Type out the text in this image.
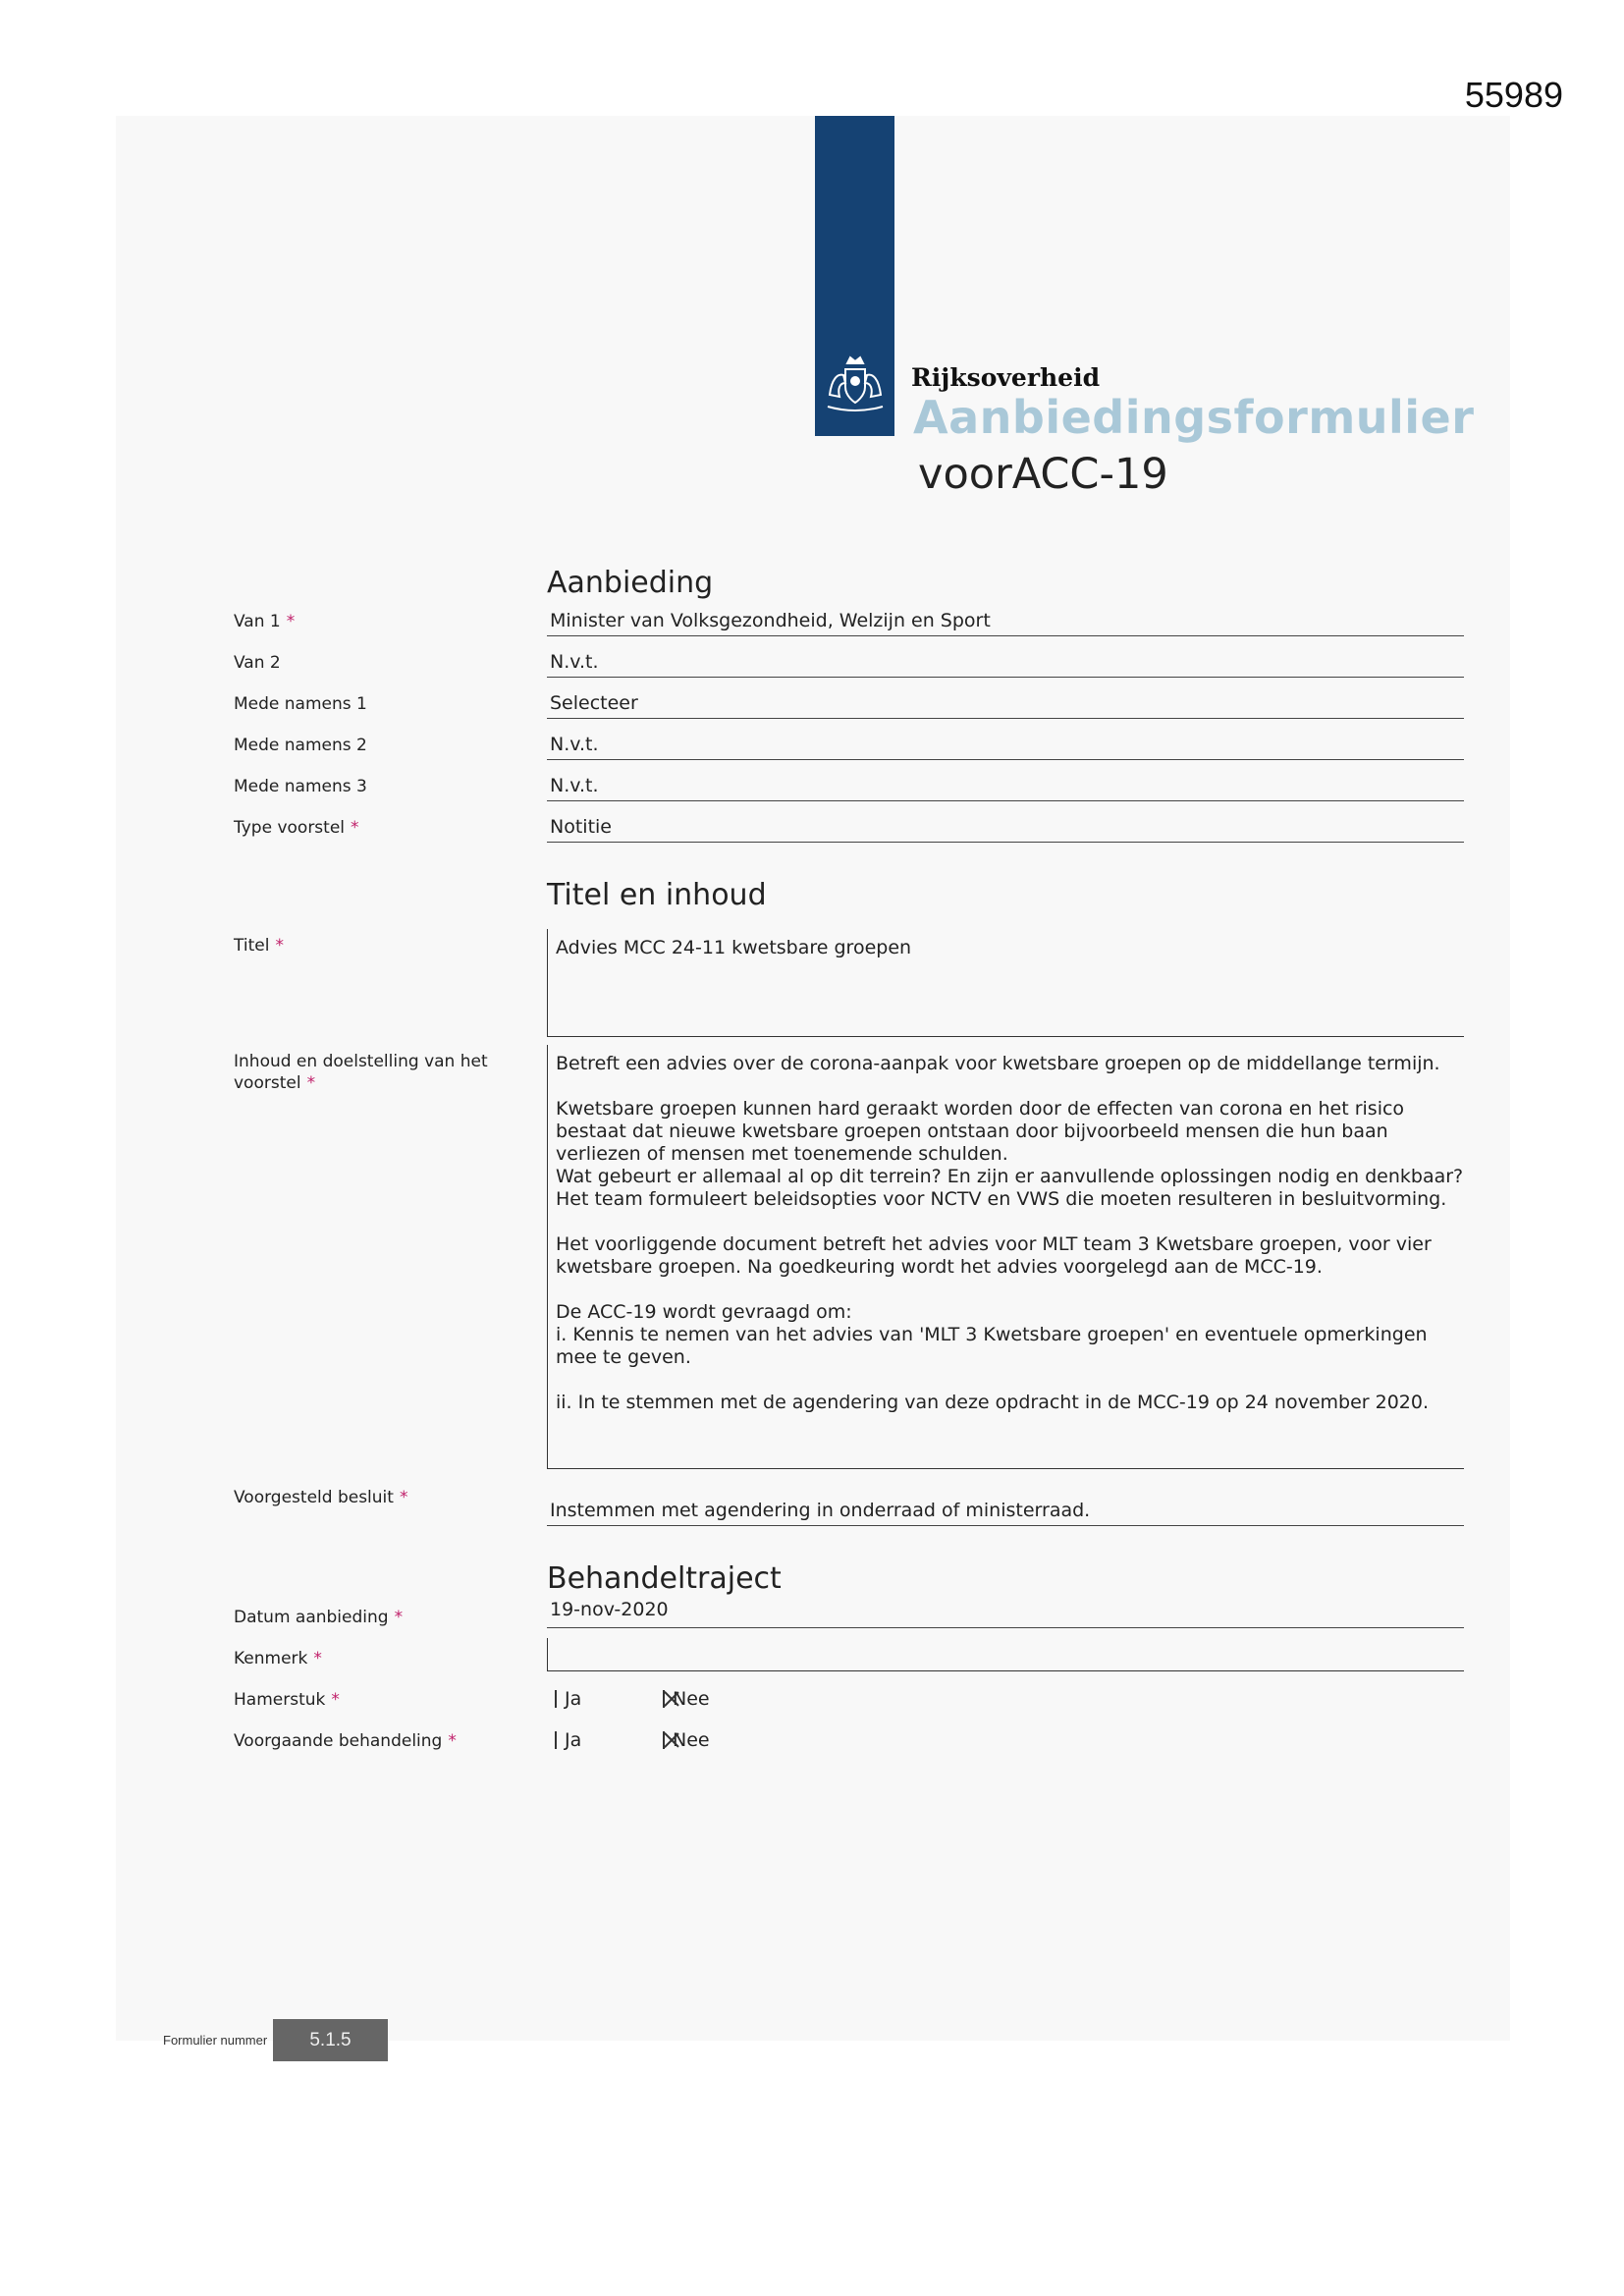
55989
Rijksoverheid
Aanbiedingsformulier
voorACC-19
Aanbieding
Van 1 *	Minister van Volksgezondheid, Welzijn en Sport
Van 2	N.v.t.
Mede namens 1	Selecteer
Mede namens 2	N.v.t.
Mede namens 3	N.v.t.
Type voorstel *	Notitie
Titel en inhoud
Titel *	Advies MCC 24-11 kwetsbare groepen

Inhoud en doelstelling van het
voorstel *

Betreft een advies over de corona-aanpak voor kwetsbare groepen op de middellange termijn.

Kwetsbare groepen kunnen hard geraakt worden door de effecten van corona en het risico bestaat dat nieuwe kwetsbare groepen ontstaan door bijvoorbeeld mensen die hun baan verliezen of mensen met toenemende schulden.

Wat gebeurt er allemaal al op dit terrein? En zijn er aanvullende oplossingen nodig en denkbaar?

Het team formuleert beleidsopties voor NCTV en VWS die moeten resulteren in besluitvorming.

Het voorliggende document betreft het advies voor MLT team 3 Kwetsbare groepen, voor vier kwetsbare groepen. Na goedkeuring wordt het advies voorgelegd aan de MCC-19.

De ACC-19 wordt gevraagd om:

i. Kennis te nemen van het advies van 'MLT 3 Kwetsbare groepen' en eventuele opmerkingen mee te geven.

ii. In te stemmen met de agendering van deze opdracht in de MCC-19 op 24 november 2020.

Voorgesteld besluit *
Instemmen met agendering in onderraad of ministerraad.
Behandeltraject
Datum aanbieding *	19-nov-2020
Kenmerk *
Hamerstuk *	Ja	Nee
Voorgaande behandeling *	Ja	Nee
Formulier nummer	5.1.5
